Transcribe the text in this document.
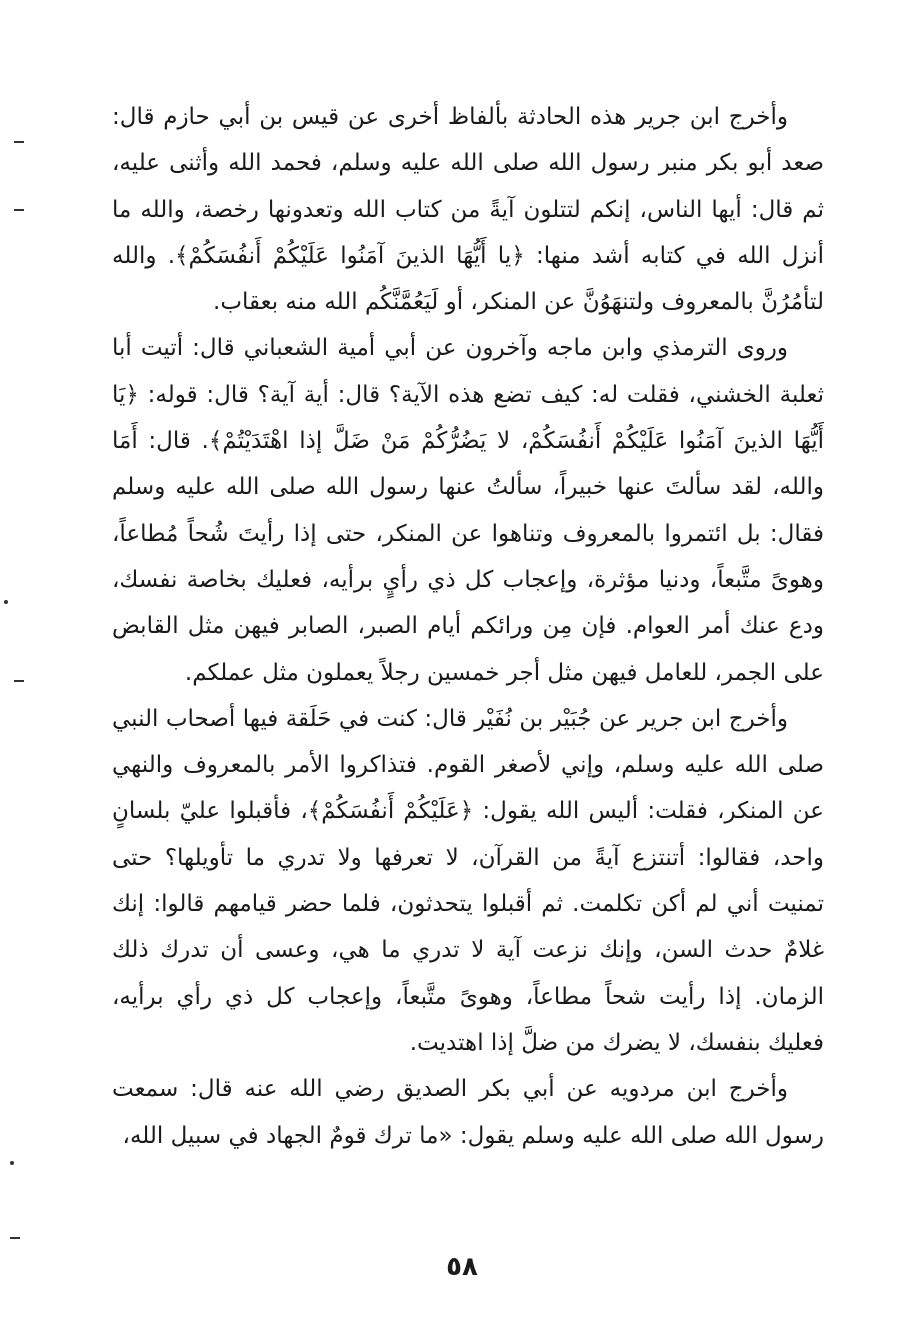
وأخرج ابن جرير هذه الحادثة بألفاظ أخرى عن قيس بن أبي حازم قال: صعد أبو بكر منبر رسول الله صلى الله عليه وسلم، فحمد الله وأثنى عليه، ثم قال: أيها الناس، إنكم لتتلون آيةً من كتاب الله وتعدونها رخصة، والله ما أنزل الله في كتابه أشد منها: ﴿يا أَيُّهَا الذينَ آمَنُوا عَلَيْكُمْ أَنفُسَكُمْ﴾. والله لتأمُرُنَّ بالمعروف ولتنهَوُنَّ عن المنكر، أو لَيَعُمَّنَّكُم الله منه بعقاب.

وروى الترمذي وابن ماجه وآخرون عن أبي أمية الشعباني قال: أتيت أبا ثعلبة الخشني، فقلت له: كيف تضع هذه الآية؟ قال: أية آية؟ قال: قوله: ﴿يَا أَيُّهَا الذينَ آمَنُوا عَلَيْكُمْ أَنفُسَكُمْ، لا يَضُرُّكُمْ مَنْ ضَلَّ إذا اهْتَدَيْتُمْ﴾. قال: أَمَا والله، لقد سألتَ عنها خبيراً، سألتُ عنها رسول الله صلى الله عليه وسلم فقال: بل ائتمروا بالمعروف وتناهوا عن المنكر، حتى إذا رأيتَ شُحاً مُطاعاً، وهوىً متَّبعاً، ودنيا مؤثرة، وإعجاب كل ذي رأيٍ برأيه، فعليك بخاصة نفسك، ودع عنك أمر العوام. فإن مِن ورائكم أيام الصبر، الصابر فيهن مثل القابض على الجمر، للعامل فيهن مثل أجر خمسين رجلاً يعملون مثل عملكم.

وأخرج ابن جرير عن جُبَيْر بن نُفَيْر قال: كنت في حَلَقة فيها أصحاب النبي صلى الله عليه وسلم، وإني لأصغر القوم. فتذاكروا الأمر بالمعروف والنهي عن المنكر، فقلت: أليس الله يقول: ﴿عَلَيْكُمْ أَنفُسَكُمْ﴾، فأقبلوا عليّ بلسانٍ واحد، فقالوا: أتنتزع آيةً من القرآن، لا تعرفها ولا تدري ما تأويلها؟ حتى تمنيت أني لم أكن تكلمت. ثم أقبلوا يتحدثون، فلما حضر قيامهم قالوا: إنك غلامٌ حدث السن، وإنك نزعت آية لا تدري ما هي، وعسى أن تدرك ذلك الزمان. إذا رأيت شحاً مطاعاً، وهوىً متَّبعاً، وإعجاب كل ذي رأي برأيه، فعليك بنفسك، لا يضرك من ضلَّ إذا اهتديت.

وأخرج ابن مردويه عن أبي بكر الصديق رضي الله عنه قال: سمعت رسول الله صلى الله عليه وسلم يقول: «ما ترك قومٌ الجهاد في سبيل الله،

٥٨
